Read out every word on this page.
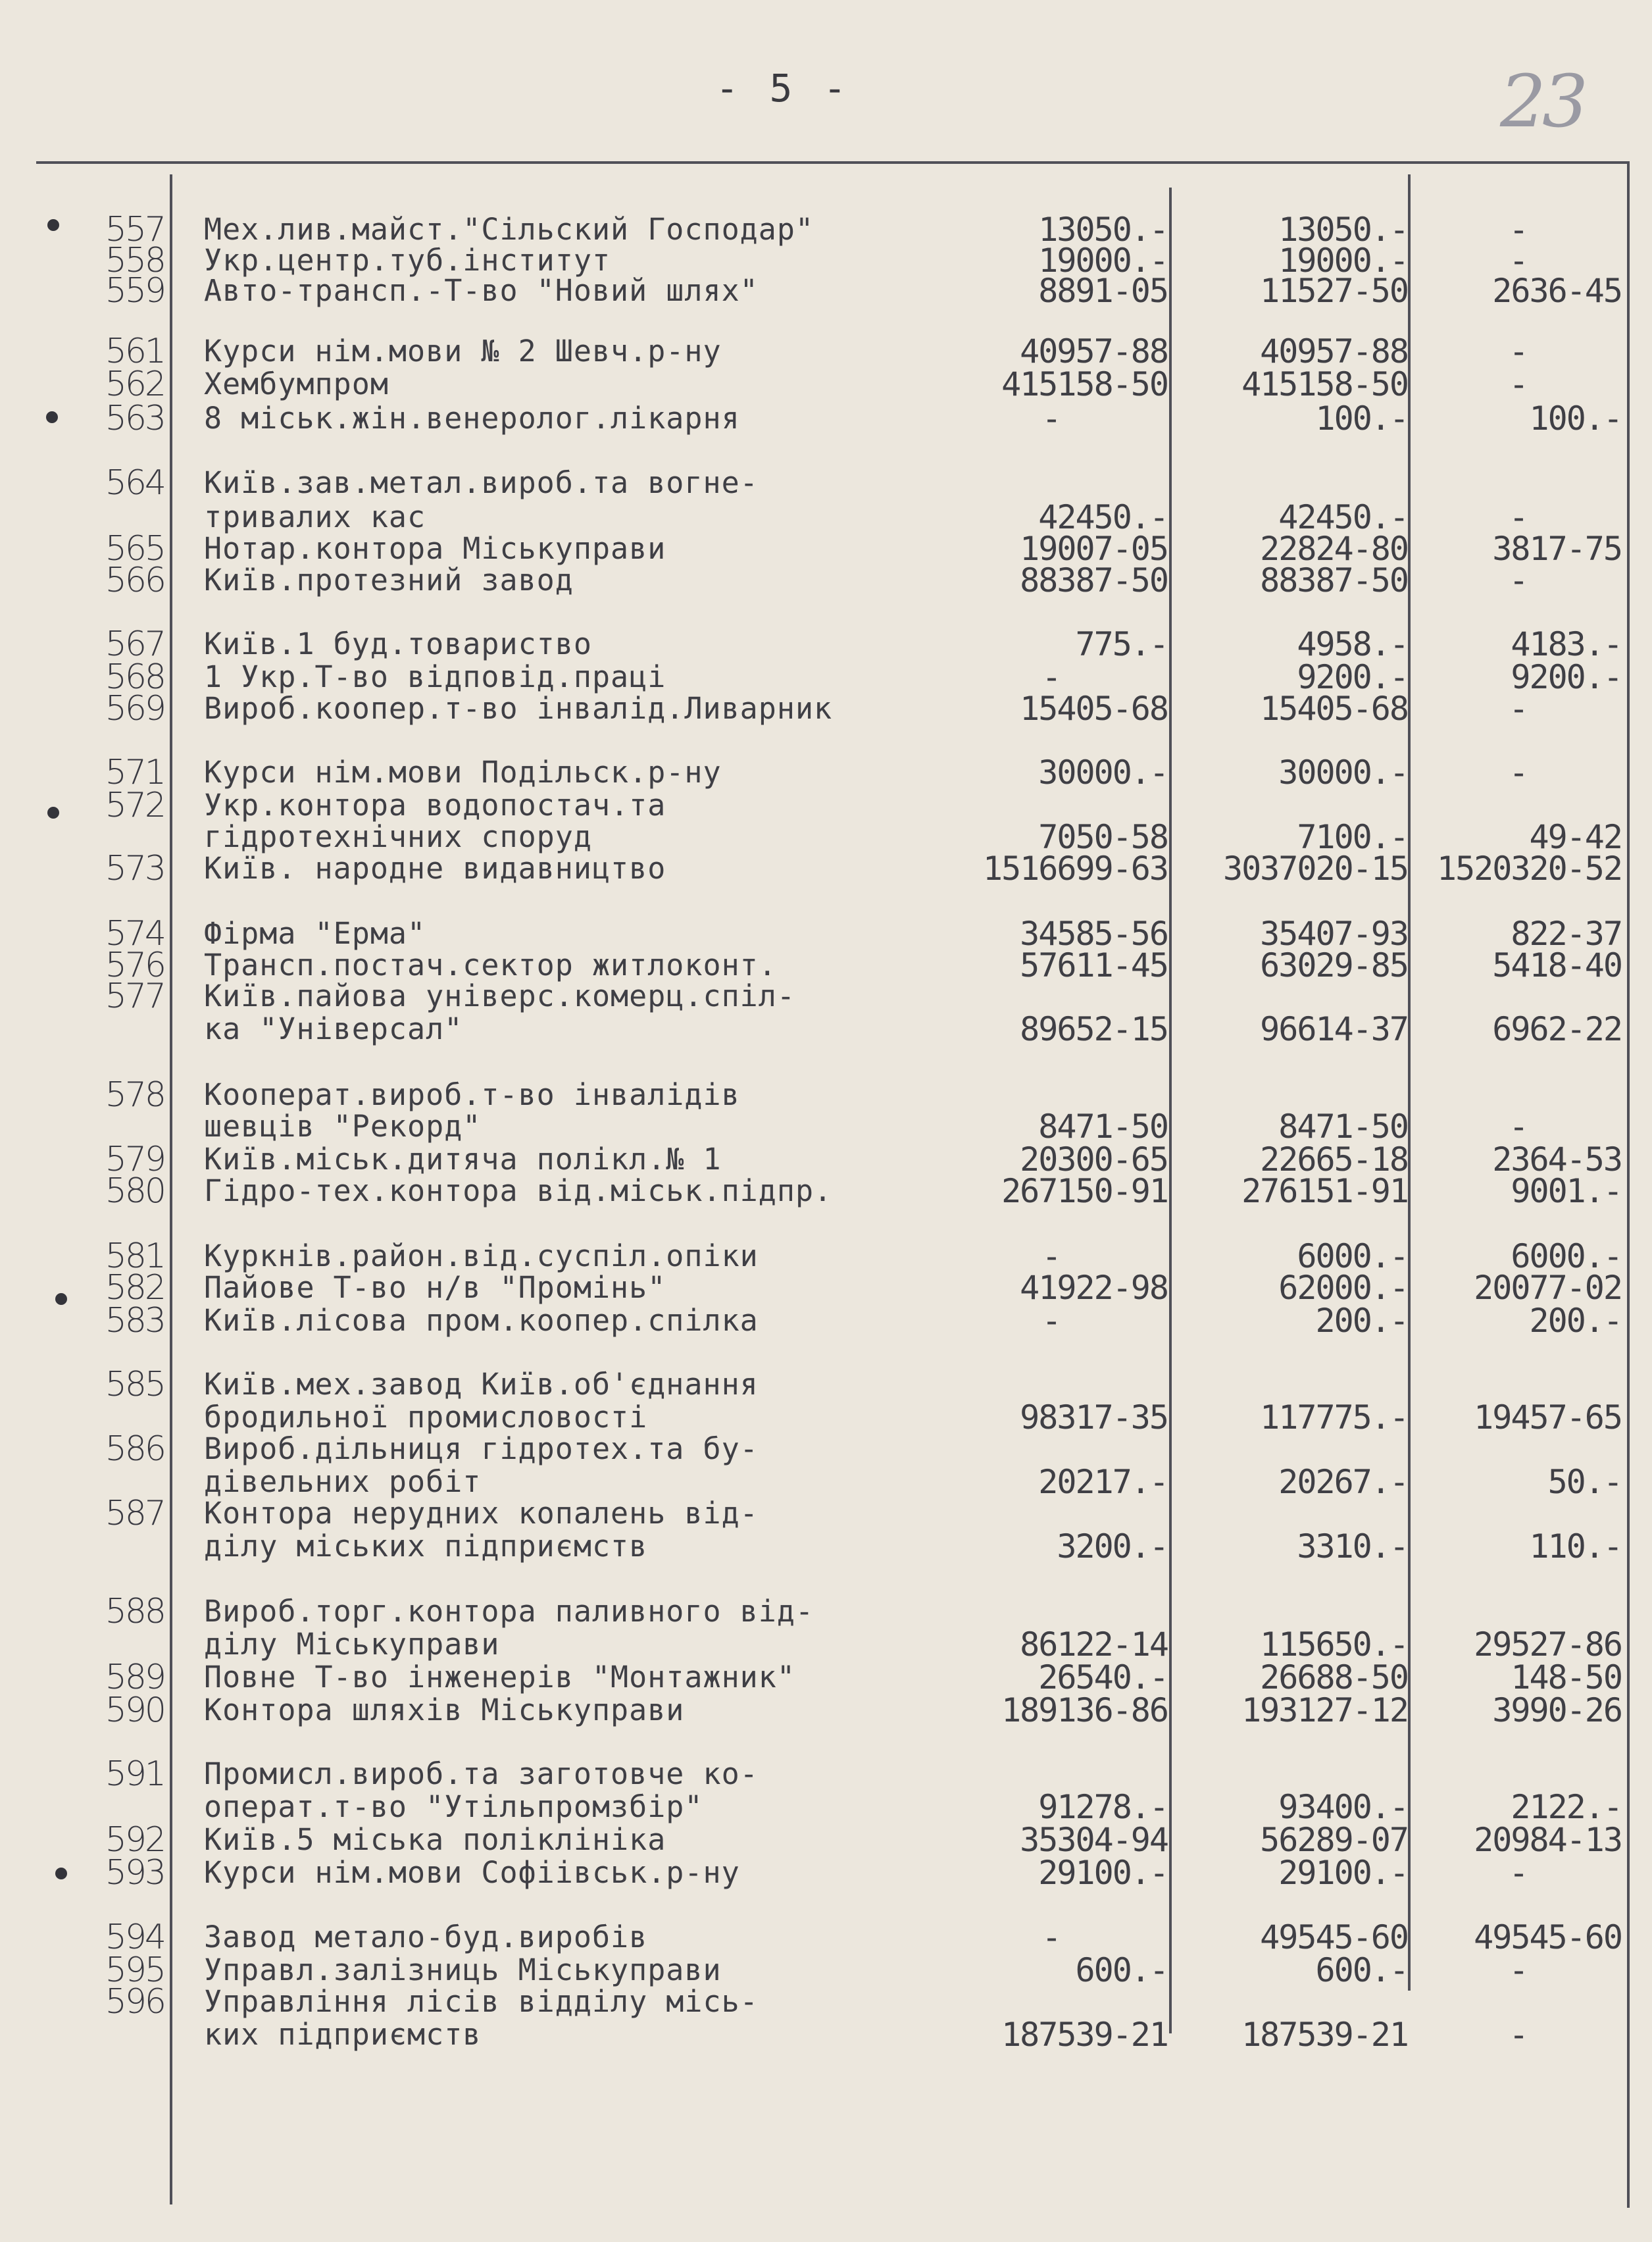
- 5 -	23
557 Мех.лив.майст."Сільский Господар"	13050.-	13050.-	-
558 Укр.центр.туб.інститут	19000.-	19000.-	-
559 Авто-трансп.-Т-во "Новий шлях"	8891-05	11527-50	2636-45
561 Курси нім.мови № 2 Шевч.р-ну	40957-88	40957-88	-
562 Хембумпром	415158-50	415158-50	-
563 8 міськ.жін.венеролог.лікарня	-	100.-	100.-
564 Київ.зав.метал.вироб.та вогне-
тривалих кас	42450.-	42450.-	-
565 Нотар.контора Міськуправи	19007-05	22824-80	3817-75
566 Київ.протезний завод	88387-50	88387-50	-
567 Київ.1 буд.товариство	775.-	4958.-	4183.-
568 1 Укр.Т-во відповід.праці	-	9200.-	9200.-
569 Вироб.коопер.т-во інвалід.Ливарник	15405-68	15405-68	-
571 Курси нім.мови Подільск.р-ну	30000.-	30000.-	-
572 Укр.контора водопостач.та
гідротехнічних споруд	7050-58	7100.-	49-42
573 Київ. народне видавництво	1516699-63	3037020-15 1520320-52
574 Фірма "Ерма"	34585-56	35407-93	822-37
576 Трансп.постач.сектор житлоконт.	57611-45	63029-85	5418-40
577 Київ.пайова універс.комерц.спіл-
ка "Універсал"	89652-15	96614-37	6962-22
578 Кооперат.вироб.т-во інвалідів
шевців "Рекорд"	8471-50	8471-50	-
579 Київ.міськ.дитяча полікл.№ 1	20300-65	22665-18	2364-53
580 Гідро-тех.контора від.міськ.підпр.	267150-91	276151-91	9001.-
581 Куркнів.район.від.суспіл.опіки	-	6000.-	6000.-
582 Пайове Т-во н/в "Промінь"	41922-98	62000.-	20077-02
583 Київ.лісова пром.коопер.спілка	-	200.-	200.-
585 Київ.мех.завод Київ.об'єднання
бродильної промисловості	98317-35	117775.-	19457-65
586 Вироб.дільниця гідротех.та бу-
дівельних робіт	20217.-	20267.-	50.-
587 Контора нерудних копалень від-
ділу міських підприємств	3200.-	3310.-	110.-
588 Вироб.торг.контора паливного від-
ділу Міськуправи	86122-14	115650.-	29527-86
589 Повне Т-во інженерів "Монтажник"	26540.-	26688-50	148-50
590 Контора шляхів Міськуправи	189136-86	193127-12	3990-26
591 Промисл.вироб.та заготовче ко-
операт.т-во "Утільпромзбір"	91278.-	93400.-	2122.-
592 Київ.5 міська поліклініка	35304-94	56289-07	20984-13
593 Курси нім.мови Софіівськ.р-ну	29100.-	29100.-	-
594 Завод метало-буд.виробів	-	49545-60	49545-60
595 Управл.залізниць Міськуправи	600.-	600.-	-
596 Управління лісів відділу місь-
ких підприємств	187539-21	187539-21	-
